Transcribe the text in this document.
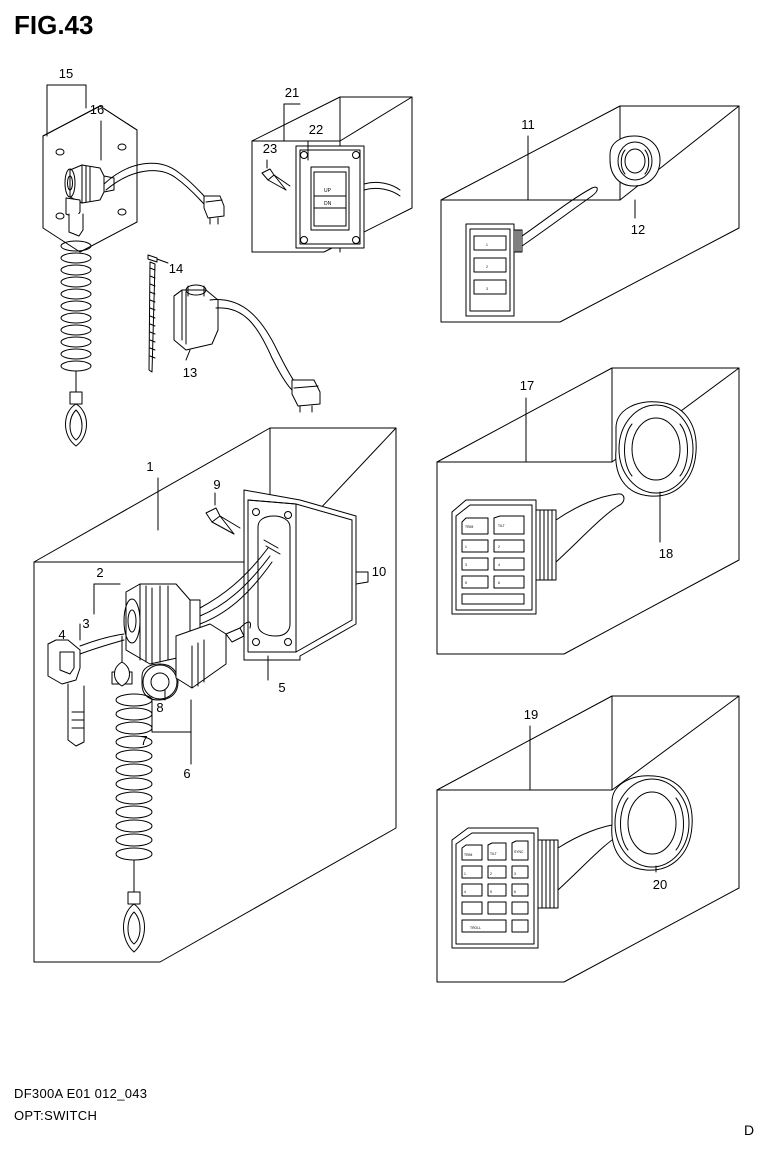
FIG.43
UP
DN
TRIM	TILT
1	2
3	4
5	6
TRIM	TILT	SYNC
1	2	3
4	5	6
TROLL
1
2
3
1
2
3
4
5
6
7
8
9
10
11
12
13
14
15
16
17
18
19
20
21
22
23
DF300A E01 012_043
OPT:SWITCH
D
